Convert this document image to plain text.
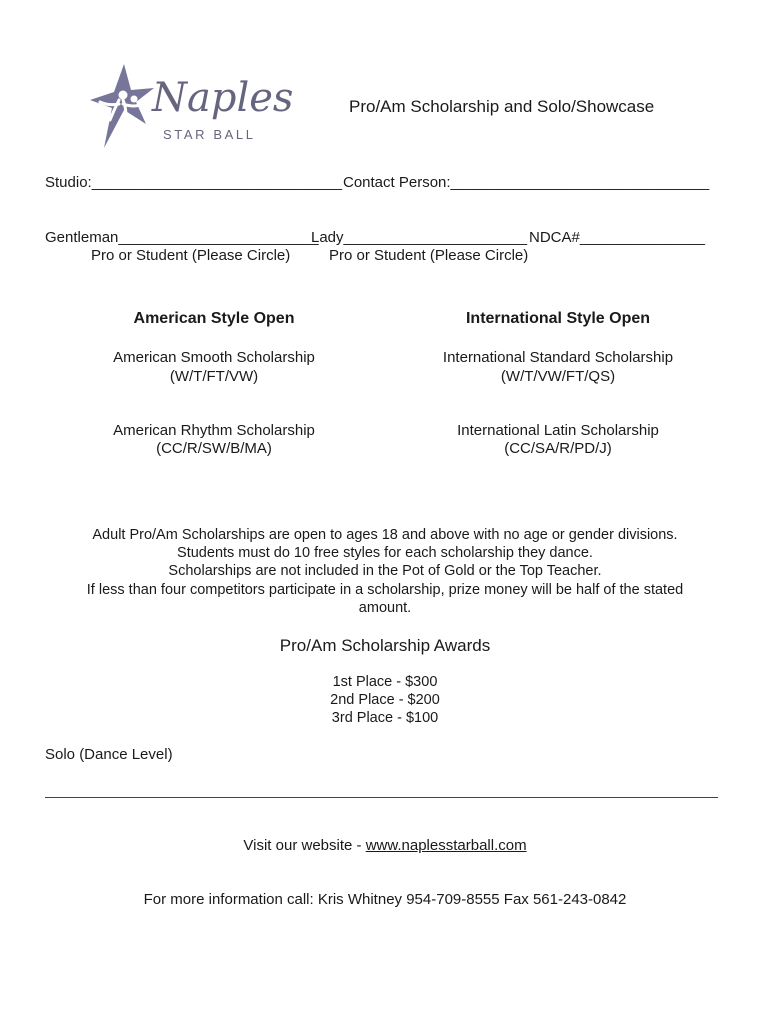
Naples
STAR BALL
Pro/Am Scholarship and Solo/Showcase
Studio:______________________________ Contact Person:_______________________________
Gentleman________________________
Lady______________________ NDCA#_______________
Pro or Student (Please Circle)	Pro or Student (Please Circle)
American Style Open
American Smooth Scholarship
(W/T/FT/VW)
American Rhythm Scholarship
(CC/R/SW/B/MA)
International Style Open
International Standard Scholarship
(W/T/VW/FT/QS)
International Latin Scholarship
(CC/SA/R/PD/J)
Adult Pro/Am Scholarships are open to ages 18 and above with no age or gender divisions.
Students must do 10 free styles for each scholarship they dance.
Scholarships are not included in the Pot of Gold or the Top Teacher.
If less than four competitors participate in a scholarship, prize money will be half of the stated amount.
Pro/Am Scholarship Awards
1st Place - $300
2nd Place - $200
3rd Place - $100
Solo (Dance Level)
Visit our website - www.naplesstarball.com
For more information call: Kris Whitney 954-709-8555 Fax 561-243-0842
